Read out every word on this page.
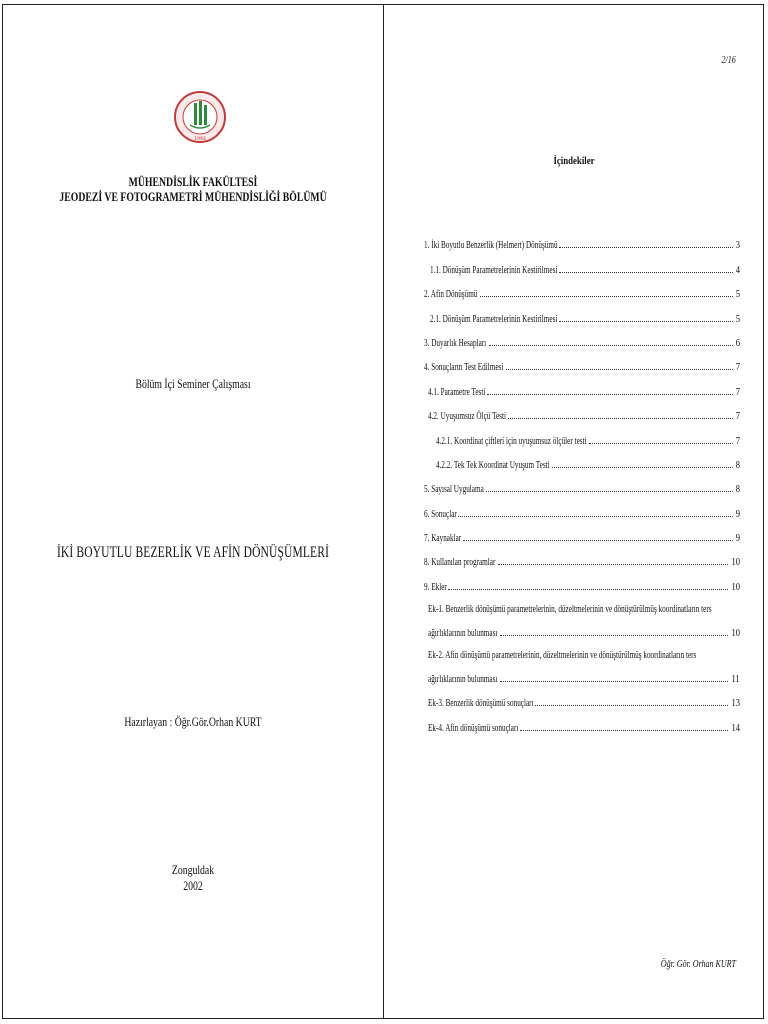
1993
MÜHENDİSLİK FAKÜLTESİ
JEODEZİ VE FOTOGRAMETRİ MÜHENDİSLİĞİ BÖLÜMÜ
Bölüm İçi Seminer Çalışması
İKİ BOYUTLU BEZERLİK VE AFİN DÖNÜŞÜMLERİ
Hazırlayan : Öğr.Gör.Orhan KURT
Zonguldak
2002
2/16
İçindekiler
1. İki Boyutlu Benzerlik (Helmert) Dönüşümü	3
1.1. Dönüşüm Parametrelerinin Kestirilmesi	4
2. Afin Dönüşümü	5
2.1. Dönüşüm Parametrelerinin Kestirilmesi	5
3. Duyarlık Hesapları	6
4. Sonuçların Test Edilmesi	7
4.1. Parametre Testi	7
4.2. Uyuşumsuz Ölçü Testi	7
4.2.1. Koordinat çiftleri için uyuşumsuz ölçüler testi	7
4.2.2. Tek Tek Koordinat Uyuşum Testi	8
5. Sayısal Uygulama	8
6. Sonuçlar	9
7. Kaynaklar	9
8. Kullanılan programlar	10
9. Ekler	10
Ek-1. Benzerlik dönüşümü parametrelerinin, düzeltmelerinin ve dönüştürülmüş koordinatların ters
ağırlıklarının bulunması	10
Ek-2. Afin dönüşümü parametrelerinin, düzeltmelerinin ve dönüştürülmüş koordinatların ters
ağırlıklarının bulunması	11
Ek-3. Benzerlik dönüşümü sonuçları	13
Ek-4. Afin dönüşümü sonuçları	14
Öğr. Gör. Orhan KURT
